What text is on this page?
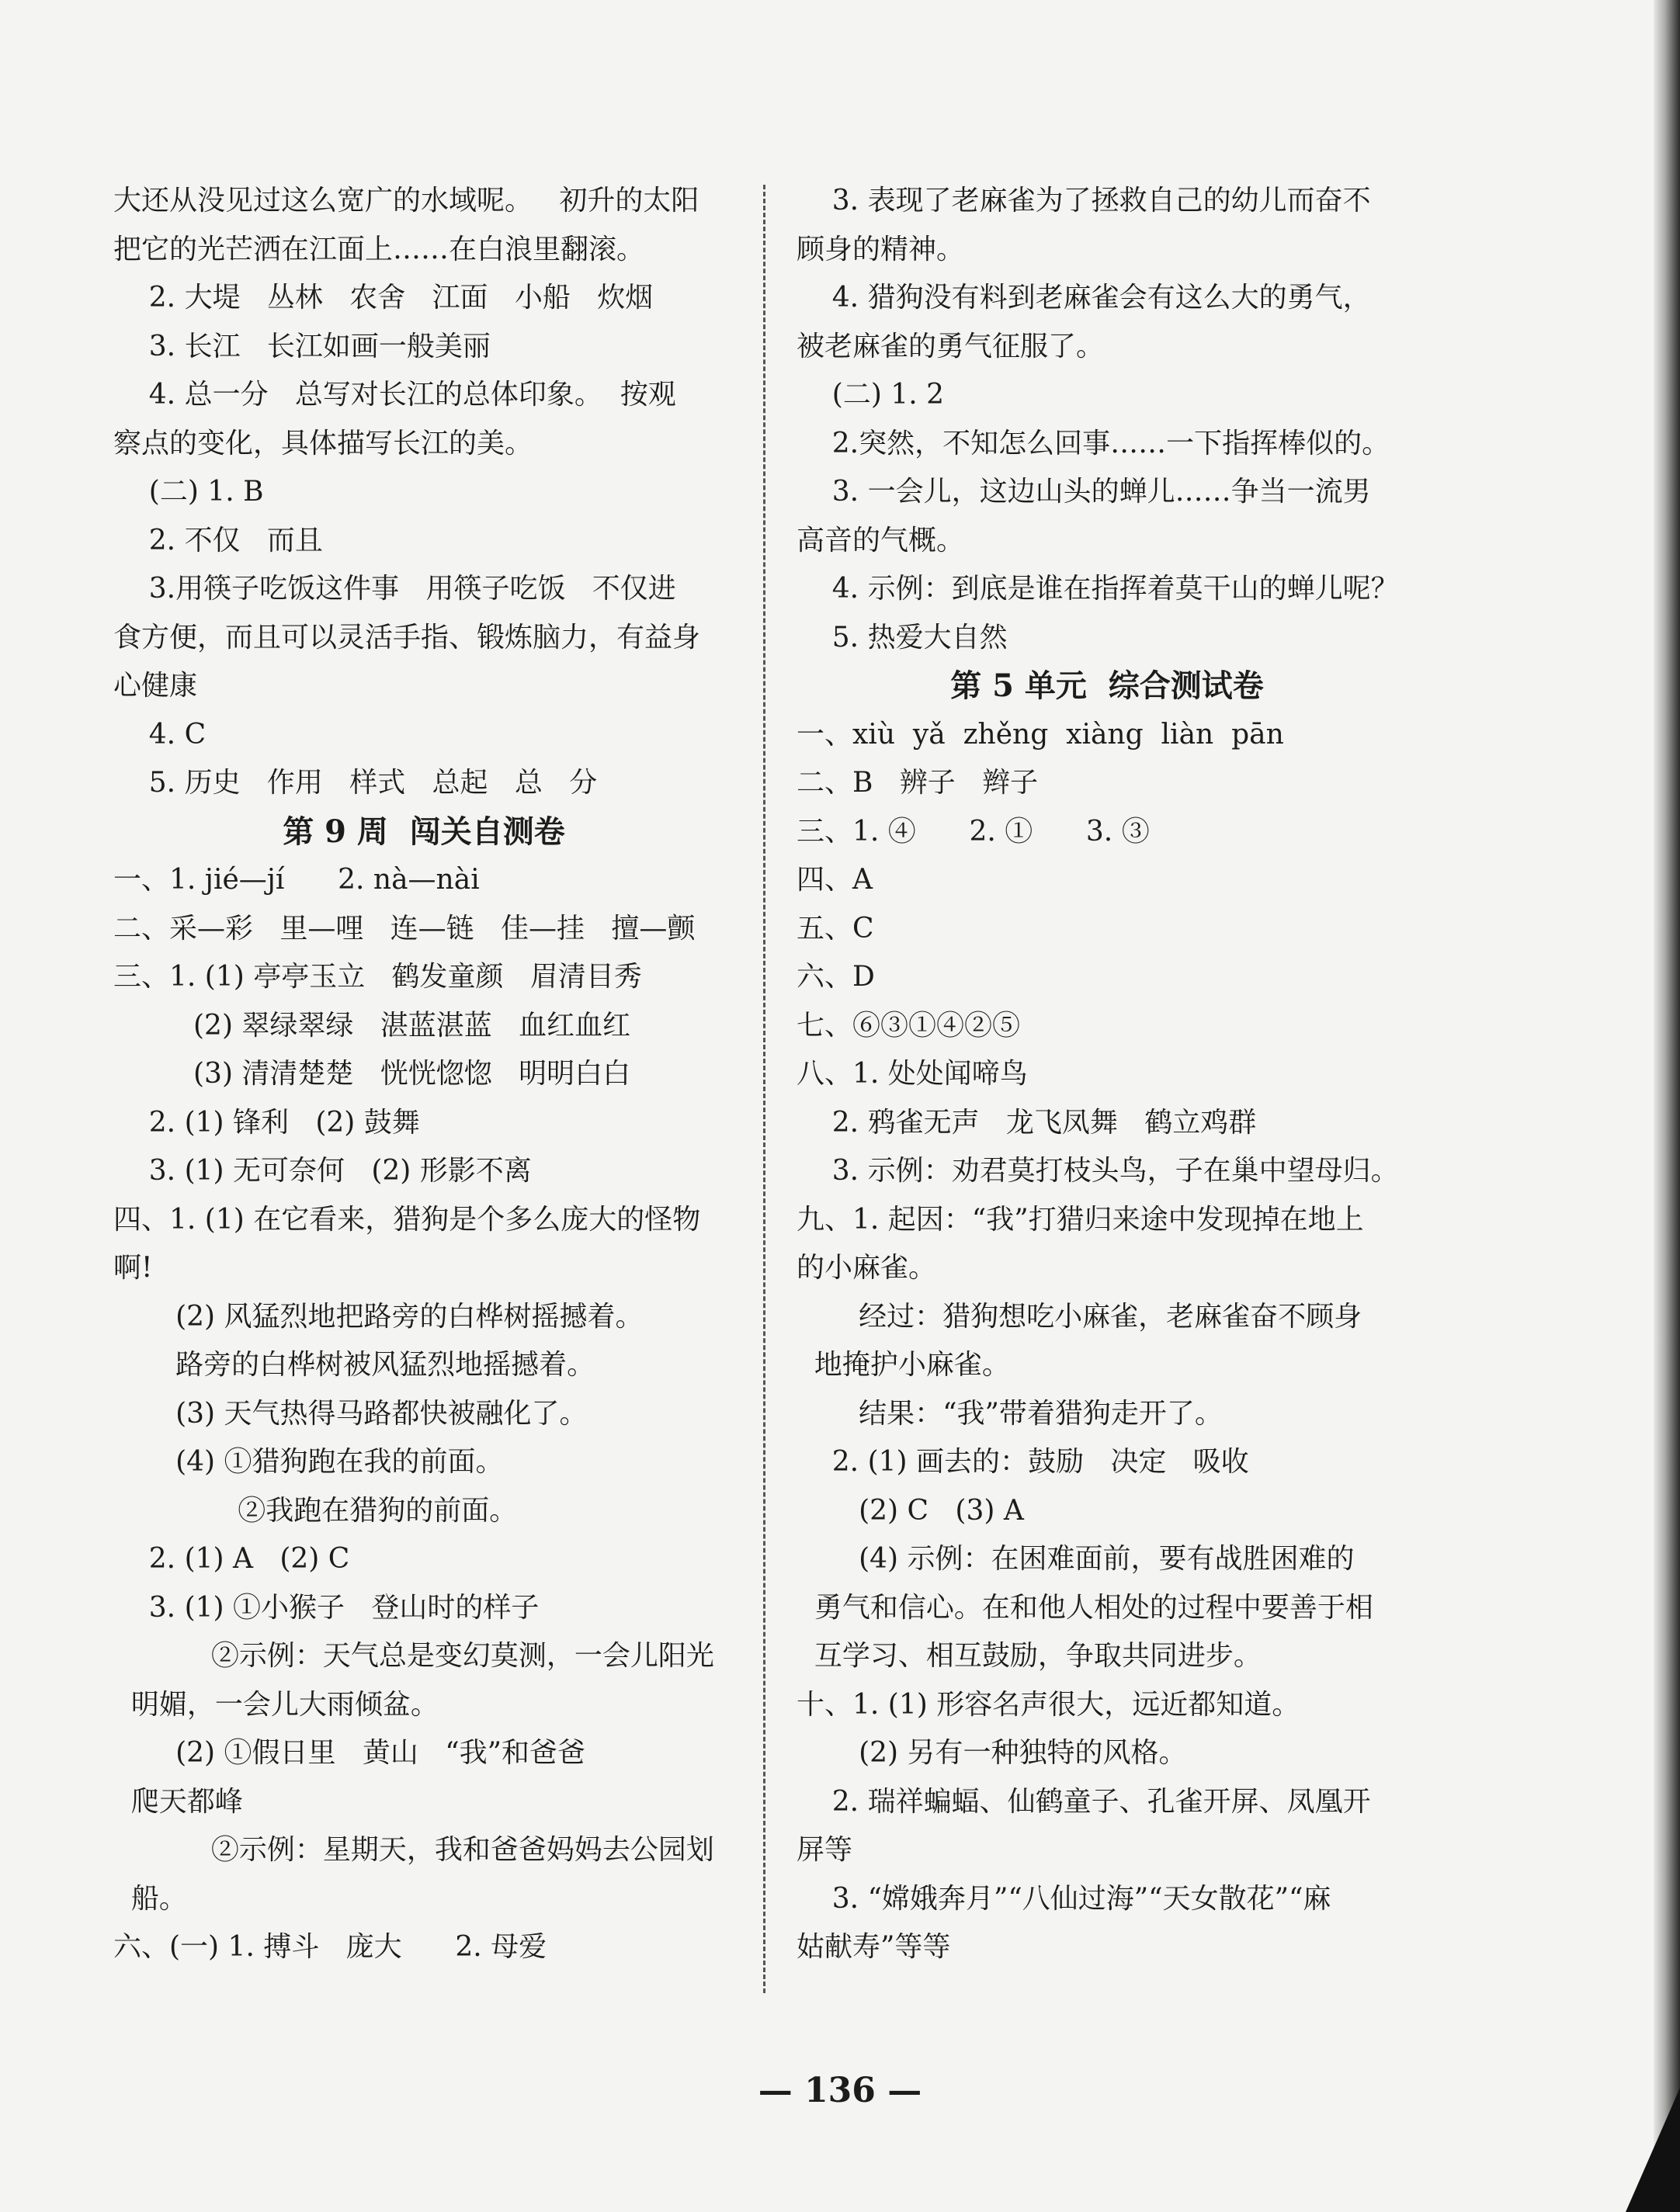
大还从没见过这么宽广的水域呢。   初升的太阳
把它的光芒洒在江面上……在白浪里翻滚。
2. 大堤   丛林   农舍   江面   小船   炊烟
3. 长江   长江如画一般美丽
4. 总一分   总写对长江的总体印象。  按观
察点的变化，具体描写长江的美。
(二) 1. B
2. 不仅   而且
3.用筷子吃饭这件事   用筷子吃饭   不仅进
食方便，而且可以灵活手指、锻炼脑力，有益身
心健康
4. C
5. 历史   作用   样式   总起   总   分
第 9 周  闯关自测卷
一、1. jié—jí      2. nà—nài
二、采—彩   里—哩   连—链   佳—挂   擅—颤
三、1. (1) 亭亭玉立   鹤发童颜   眉清目秀
(2) 翠绿翠绿   湛蓝湛蓝   血红血红
(3) 清清楚楚   恍恍惚惚   明明白白
2. (1) 锋利   (2) 鼓舞
3. (1) 无可奈何   (2) 形影不离
四、1. (1) 在它看来，猎狗是个多么庞大的怪物
啊!
(2) 风猛烈地把路旁的白桦树摇撼着。
路旁的白桦树被风猛烈地摇撼着。
(3) 天气热得马路都快被融化了。
(4) ①猎狗跑在我的前面。
②我跑在猎狗的前面。
2. (1) A   (2) C
3. (1) ①小猴子   登山时的样子
②示例：天气总是变幻莫测，一会儿阳光
明媚，一会儿大雨倾盆。
(2) ①假日里   黄山   “我”和爸爸
爬天都峰
②示例：星期天，我和爸爸妈妈去公园划
船。
六、(一) 1. 搏斗   庞大      2. 母爱
3. 表现了老麻雀为了拯救自己的幼儿而奋不
顾身的精神。
4. 猎狗没有料到老麻雀会有这么大的勇气，
被老麻雀的勇气征服了。
(二) 1. 2
2.突然，不知怎么回事……一下指挥棒似的。
3. 一会儿，这边山头的蝉儿……争当一流男
高音的气概。
4. 示例：到底是谁在指挥着莫干山的蝉儿呢？
5. 热爱大自然
第 5 单元  综合测试卷
一、xiù  yǎ  zhěng  xiàng  liàn  pān
二、B   辨子   辫子
三、1. ④      2. ①      3. ③
四、A
五、C
六、D
七、⑥③①④②⑤
八、1. 处处闻啼鸟
2. 鸦雀无声   龙飞凤舞   鹤立鸡群
3. 示例：劝君莫打枝头鸟，子在巢中望母归。
九、1. 起因：“我”打猎归来途中发现掉在地上
的小麻雀。
经过：猎狗想吃小麻雀，老麻雀奋不顾身
地掩护小麻雀。
结果：“我”带着猎狗走开了。
2. (1) 画去的：鼓励   决定   吸收
(2) C   (3) A
(4) 示例：在困难面前，要有战胜困难的
勇气和信心。在和他人相处的过程中要善于相
互学习、相互鼓励，争取共同进步。
十、1. (1) 形容名声很大，远近都知道。
(2) 另有一种独特的风格。
2. 瑞祥蝙蝠、仙鹤童子、孔雀开屏、凤凰开
屏等
3. “嫦娥奔月”“八仙过海”“天女散花”“麻
姑献寿”等等
— 136 —
